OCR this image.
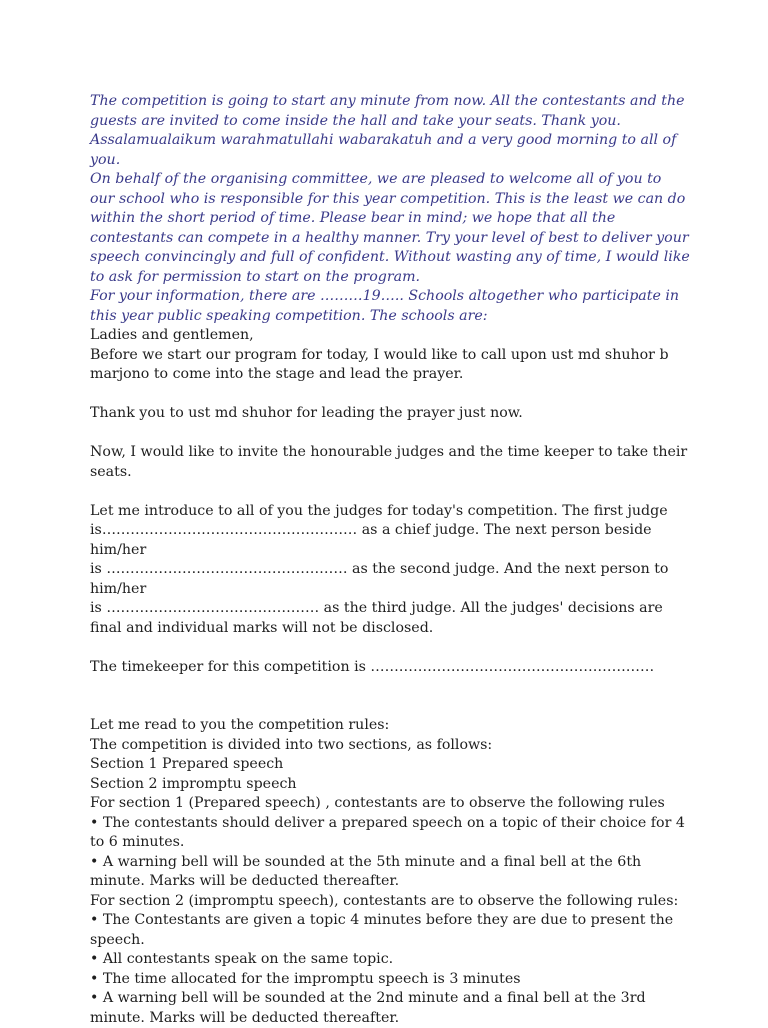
The competition is going to start any minute from now. All the contestants and the guests are invited to come inside the hall and take your seats. Thank you.

Assalamualaikum warahmatullahi wabarakatuh and a very good morning to all of you.

On behalf of the organising committee, we are pleased to welcome all of you to our school who is responsible for this year competition. This is the least we can do within the short period of time. Please bear in mind; we hope that all the contestants can compete in a healthy manner. Try your level of best to deliver your speech convincingly and full of confident. Without wasting any of time, I would like to ask for permission to start on the program.

For your information, there are ………19….. Schools altogether who participate in this year public speaking competition. The schools are:

Ladies and gentlemen,

Before we start our program for today, I would like to call upon ust md shuhor b marjono to come into the stage and lead the prayer.

Thank you to ust md shuhor for leading the prayer just now.

Now, I would like to invite the honourable judges and the time keeper to take their seats.

Let me introduce to all of you the judges for today's competition. The first judge

is……………………………………………… as a chief judge. The next person beside him/her

is …………………………………………… as the second judge. And the next person to him/her

is ……………………………………… as the third judge. All the judges' decisions are final and individual marks will not be disclosed.

The timekeeper for this competition is ……………………………………………………

Let me read to you the competition rules:

The competition is divided into two sections, as follows:

Section 1 Prepared speech

Section 2 impromptu speech

For section 1 (Prepared speech) , contestants are to observe the following rules

• The contestants should deliver a prepared speech on a topic of their choice for 4 to 6 minutes.

• A warning bell will be sounded at the 5th minute and a final bell at the 6th minute. Marks will be deducted thereafter.

For section 2 (impromptu speech), contestants are to observe the following rules:

• The Contestants are given a topic 4 minutes before they are due to present the speech.

• All contestants speak on the same topic.

• The time allocated for the impromptu speech is 3 minutes

• A warning bell will be sounded at the 2nd minute and a final bell at the 3rd minute. Marks will be deducted thereafter.
